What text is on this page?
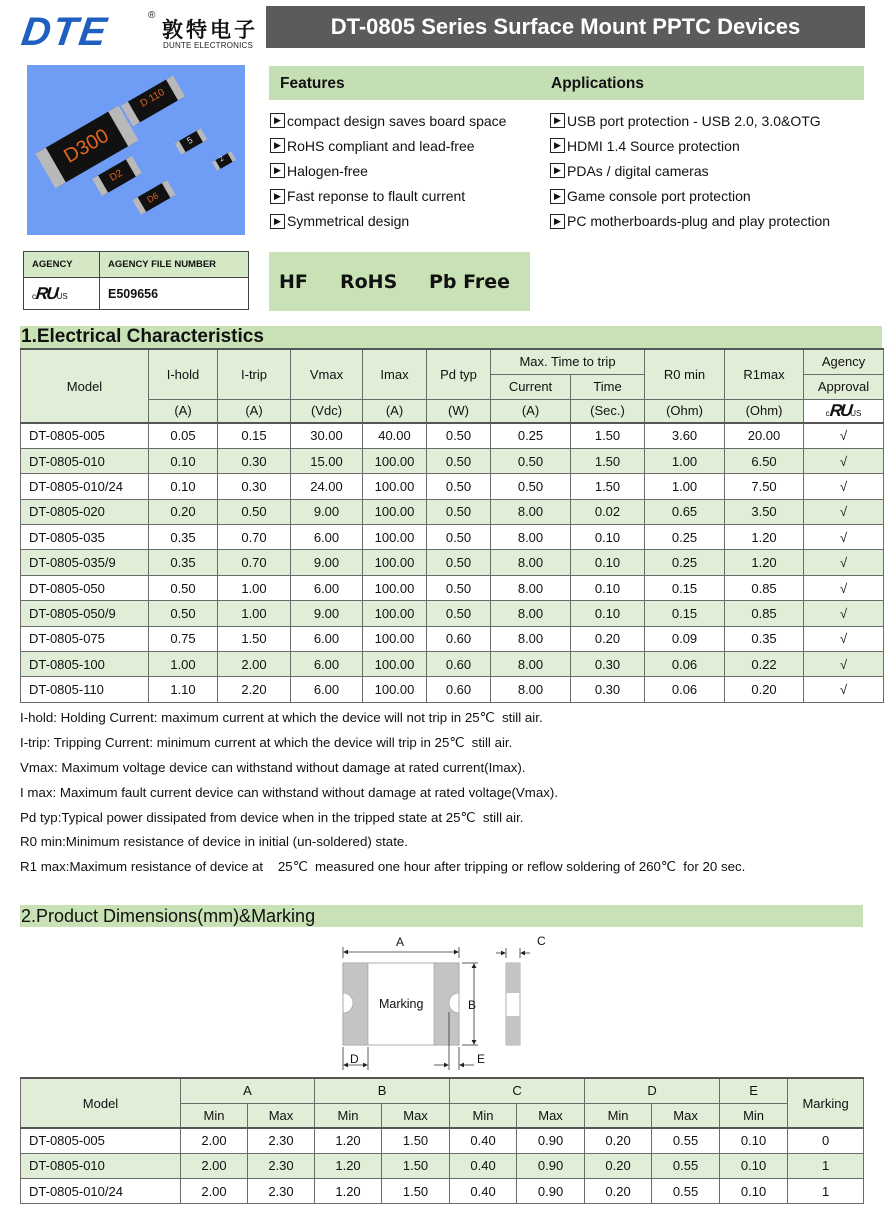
DTE	®
敦特电子
DUNTE ELECTRONICS
DT-0805 Series Surface Mount PPTC Devices
D300
D 110
5
2
D2
D6
AGENCY	AGENCY FILE NUMBER

c RU US	E509656
Features	Applications
▶ compact design saves board space
▶ RoHS compliant and lead-free
▶ Halogen-free
▶ Fast reponse to flault current
▶ Symmetrical design
▶ USB port protection - USB 2.0, 3.0&OTG
▶ HDMI 1.4 Source protection
▶ PDAs / digital cameras
▶ Game console port protection
▶ PC motherboards-plug and play protection
HF RoHS Pb Free
1.Electrical Characteristics
Model	I-hold	I-trip	Vmax	Imax	Pd typ	Max. Time to trip		R0 min	R1max	Agency
						Current	Time			Approval
	(A)	(A)	(Vdc)	(A)	(W)	(A)	(Sec.)	(Ohm)	(Ohm)	c RU US

DT-0805-005	0.05	0.15	30.00	40.00	0.50	0.25	1.50	3.60	20.00	√
DT-0805-010	0.10	0.30	15.00	100.00	0.50	0.50	1.50	1.00	6.50	√
DT-0805-010/24	0.10	0.30	24.00	100.00	0.50	0.50	1.50	1.00	7.50	√
DT-0805-020	0.20	0.50	9.00	100.00	0.50	8.00	0.02	0.65	3.50	√
DT-0805-035	0.35	0.70	6.00	100.00	0.50	8.00	0.10	0.25	1.20	√
DT-0805-035/9	0.35	0.70	9.00	100.00	0.50	8.00	0.10	0.25	1.20	√
DT-0805-050	0.50	1.00	6.00	100.00	0.50	8.00	0.10	0.15	0.85	√
DT-0805-050/9	0.50	1.00	9.00	100.00	0.50	8.00	0.10	0.15	0.85	√
DT-0805-075	0.75	1.50	6.00	100.00	0.60	8.00	0.20	0.09	0.35	√
DT-0805-100	1.00	2.00	6.00	100.00	0.60	8.00	0.30	0.06	0.22	√
DT-0805-110	1.10	2.20	6.00	100.00	0.60	8.00	0.30	0.06	0.20	√
I-hold: Holding Current: maximum current at which the device will not trip in 25℃  still air.
I-trip: Tripping Current: minimum current at which the device will trip in 25℃  still air.
Vmax: Maximum voltage device can withstand without damage at rated current(Imax).
I max: Maximum fault current device can withstand without damage at rated voltage(Vmax).
Pd typ:Typical power dissipated from device when in the tripped state at 25℃  still air.
R0 min:Minimum resistance of device in initial (un-soldered) state.
R1 max:Maximum resistance of device at    25℃  measured one hour after tripping or reflow soldering of 260℃  for 20 sec.
2.Product Dimensions(mm)&Marking
A
B
C
D	E
Marking
Model	A		B		C		D		E	Marking
	Min	Max	Min	Max	Min	Max	Min	Max	Min	
DT-0805-005	2.00	2.30	1.20	1.50	0.40	0.90	0.20	0.55	0.10	0
DT-0805-010	2.00	2.30	1.20	1.50	0.40	0.90	0.20	0.55	0.10	1
DT-0805-010/24	2.00	2.30	1.20	1.50	0.40	0.90	0.20	0.55	0.10	1
